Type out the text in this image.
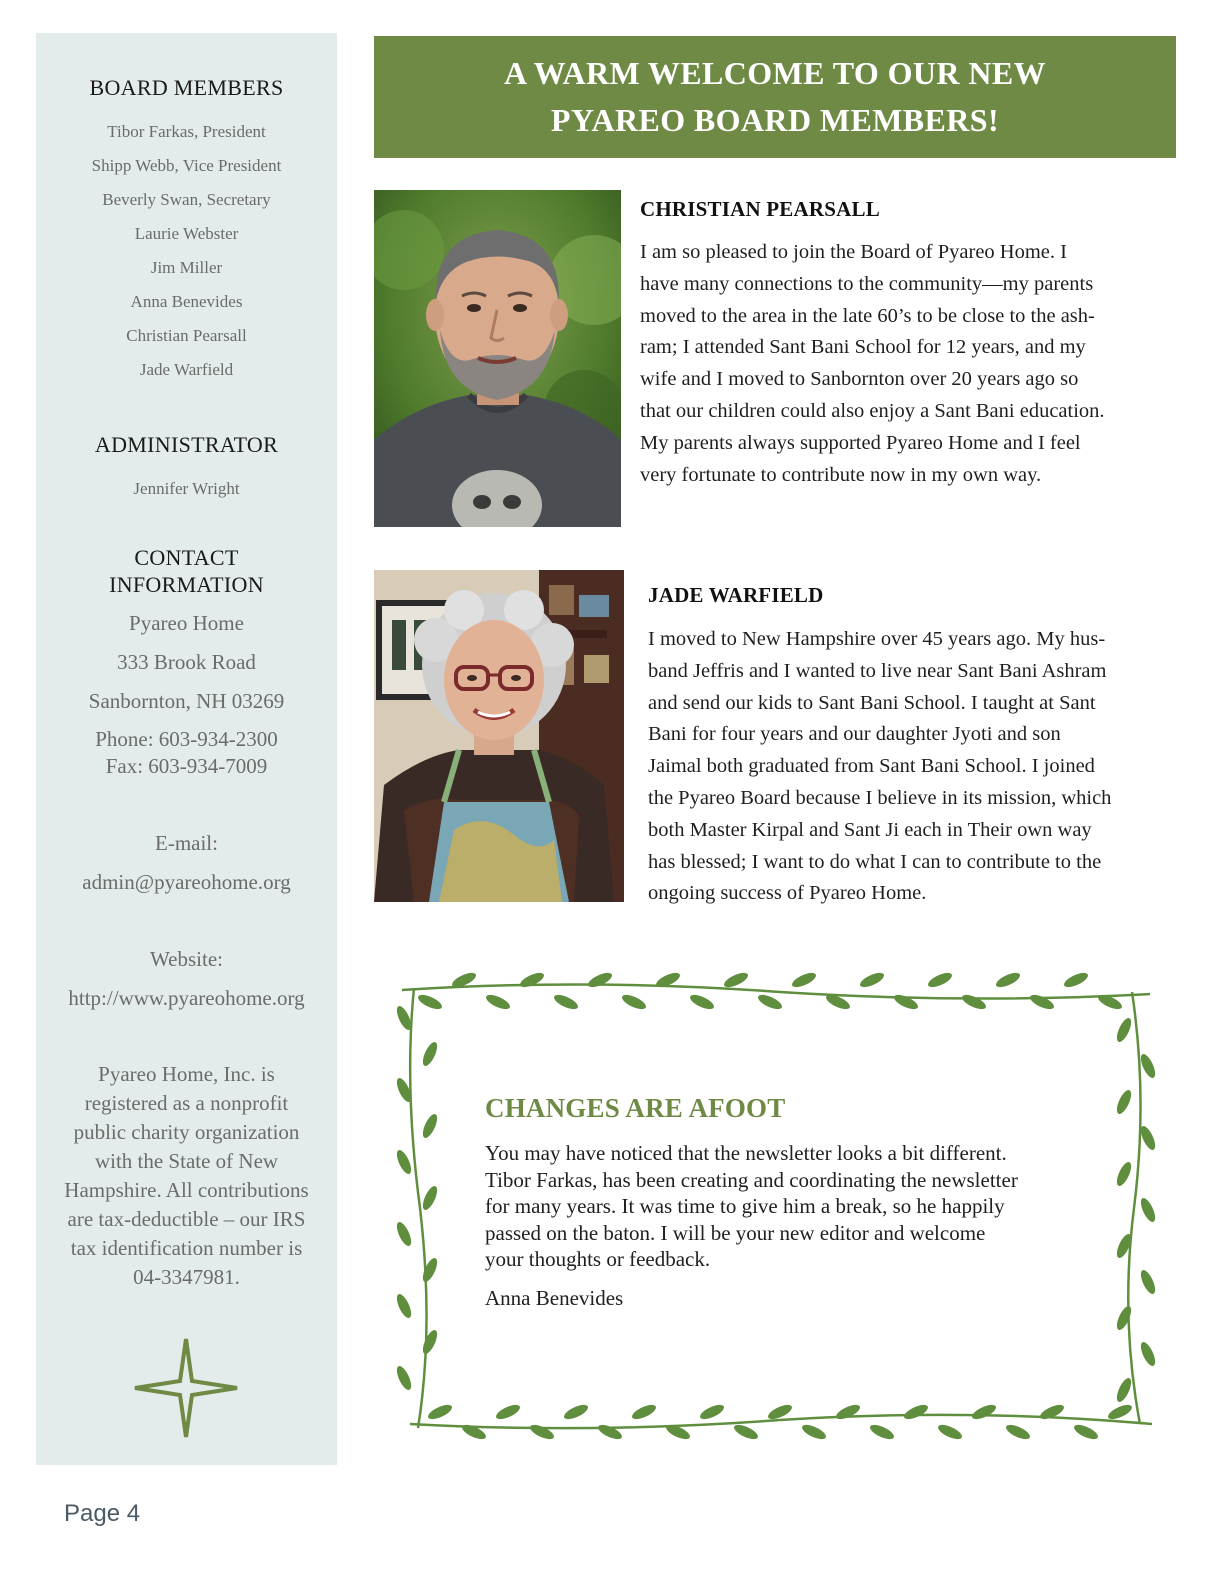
BOARD MEMBERS
Tibor Farkas, President
Shipp Webb, Vice President
Beverly Swan, Secretary
Laurie Webster
Jim Miller
Anna Benevides
Christian Pearsall
Jade Warfield
ADMINISTRATOR
Jennifer Wright
CONTACT
INFORMATION
Pyareo Home
333 Brook Road
Sanbornton, NH 03269
Phone: 603-934-2300
Fax: 603-934-7009
E-mail:
admin@pyareohome.org
Website:
http://www.pyareohome.org
Pyareo Home, Inc. is
registered as a nonprofit
public charity organization
with the State of New
Hampshire. All contributions
are tax-deductible – our IRS
tax identification number is
04-3347981.
A WARM WELCOME TO OUR NEW
PYAREO BOARD MEMBERS!
CHRISTIAN PEARSALL
I am so pleased to join the Board of Pyareo Home. I
have many connections to the community—my parents
moved to the area in the late 60’s to be close to the ash-
ram; I attended Sant Bani School for 12 years, and my
wife and I moved to Sanbornton over 20 years ago so
that our children could also enjoy a Sant Bani education.
My parents always supported Pyareo Home and I feel
very fortunate to contribute now in my own way.
JADE WARFIELD
I moved to New Hampshire over 45 years ago. My hus-
band Jeffris and I wanted to live near Sant Bani Ashram
and send our kids to Sant Bani School. I taught at Sant
Bani for four years and our daughter Jyoti and son
Jaimal both graduated from Sant Bani School. I joined
the Pyareo Board because I believe in its mission, which
both Master Kirpal and Sant Ji each in Their own way
has blessed; I want to do what I can to contribute to the
ongoing success of Pyareo Home.
CHANGES ARE AFOOT
You may have noticed that the newsletter looks a bit different.
Tibor Farkas, has been creating and coordinating the newsletter
for many years. It was time to give him a break, so he happily
passed on the baton. I will be your new editor and welcome
your thoughts or feedback.
Anna Benevides
Page 4
